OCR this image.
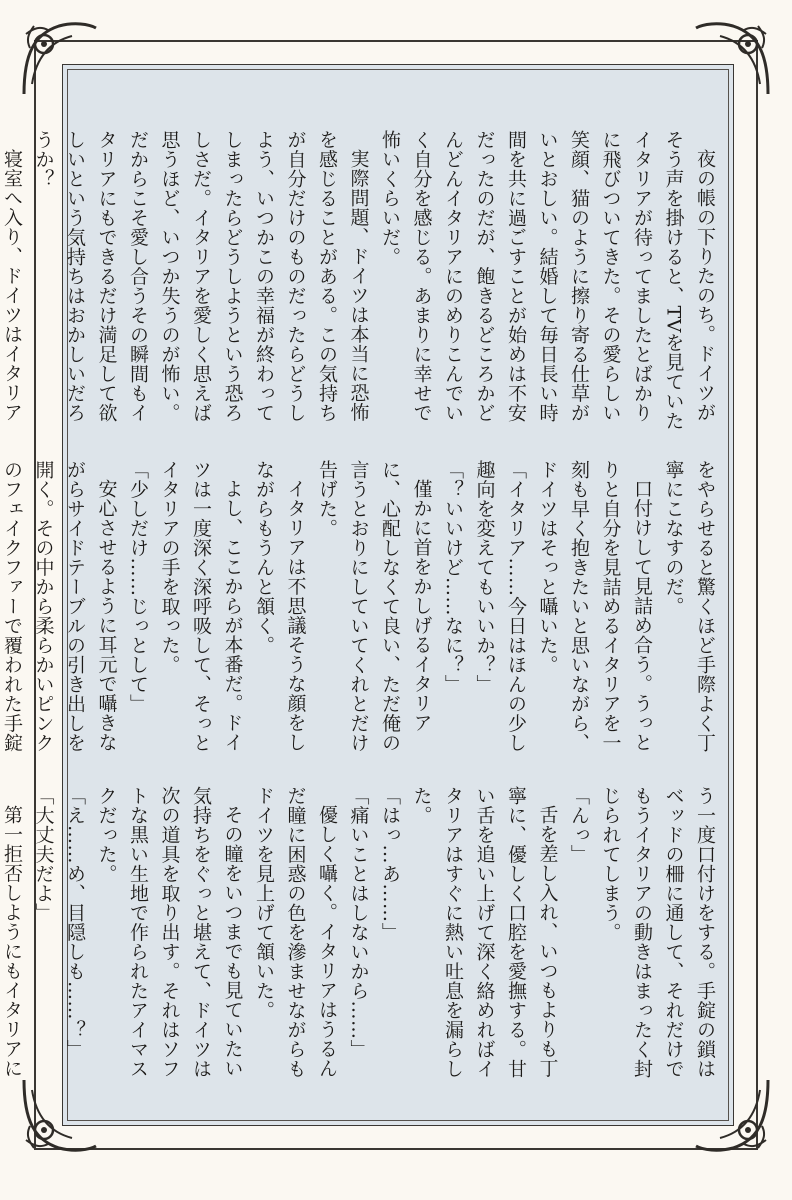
夜の帳の下りたのち。ドイツがそう声を掛けると、TVを見ていたイタリアが待ってましたとばかりに飛びついてきた。その愛らしい笑顔、猫のように擦り寄る仕草がいとおしい。結婚して毎日長い時間を共に過ごすことが始めは不安だったのだが、飽きるどころかどんどんイタリアにのめりこんでいく自分を感じる。あまりに幸せで怖いくらいだ。

実際問題、ドイツは本当に恐怖を感じることがある。この気持ちが自分だけのものだったらどうしよう、いつかこの幸福が終わってしまったらどうしようという恐ろしさだ。イタリアを愛しく思えば思うほど、いつか失うのが怖い。だからこそ愛し合うその瞬間もイタリアにもできるだけ満足して欲しいという気持ちはおかしいだろうか？

寝室へ入り、ドイツはイタリア

をやらせると驚くほど手際よく丁寧にこなすのだ。

口付けして見詰め合う。うっとりと自分を見詰めるイタリアを一刻も早く抱きたいと思いながら、ドイツはそっと囁いた。

「イタリア……今日はほんの少し趣向を変えてもいいか？」

「？いいけど……なに？」

僅かに首をかしげるイタリアに、心配しなくて良い、ただ俺の言うとおりにしていてくれとだけ告げた。

イタリアは不思議そうな顔をしながらもうんと頷く。

よし、ここからが本番だ。ドイツは一度深く深呼吸して、そっとイタリアの手を取った。

「少しだけ……じっとして」

安心させるように耳元で囁きながらサイドテーブルの引き出しを開く。その中から柔らかいピンクのフェイクファーで覆われた手錠

う一度口付けをする。手錠の鎖はベッドの柵に通して、それだけでもうイタリアの動きはまったく封じられてしまう。

「んっ」

舌を差し入れ、いつもよりも丁寧に、優しく口腔を愛撫する。甘い舌を追い上げて深く絡めればイタリアはすぐに熱い吐息を漏らした。

「はっ…あ……」

「痛いことはしないから……」

優しく囁く。イタリアはうるんだ瞳に困惑の色を滲ませながらもドイツを見上げて頷いた。

その瞳をいつまでも見ていたい気持ちをぐっと堪えて、ドイツは次の道具を取り出す。それはソフトな黒い生地で作られたアイマスクだった。

「え……め、目隠しも……？」

「大丈夫だよ」

第一拒否しようにもイタリアに
